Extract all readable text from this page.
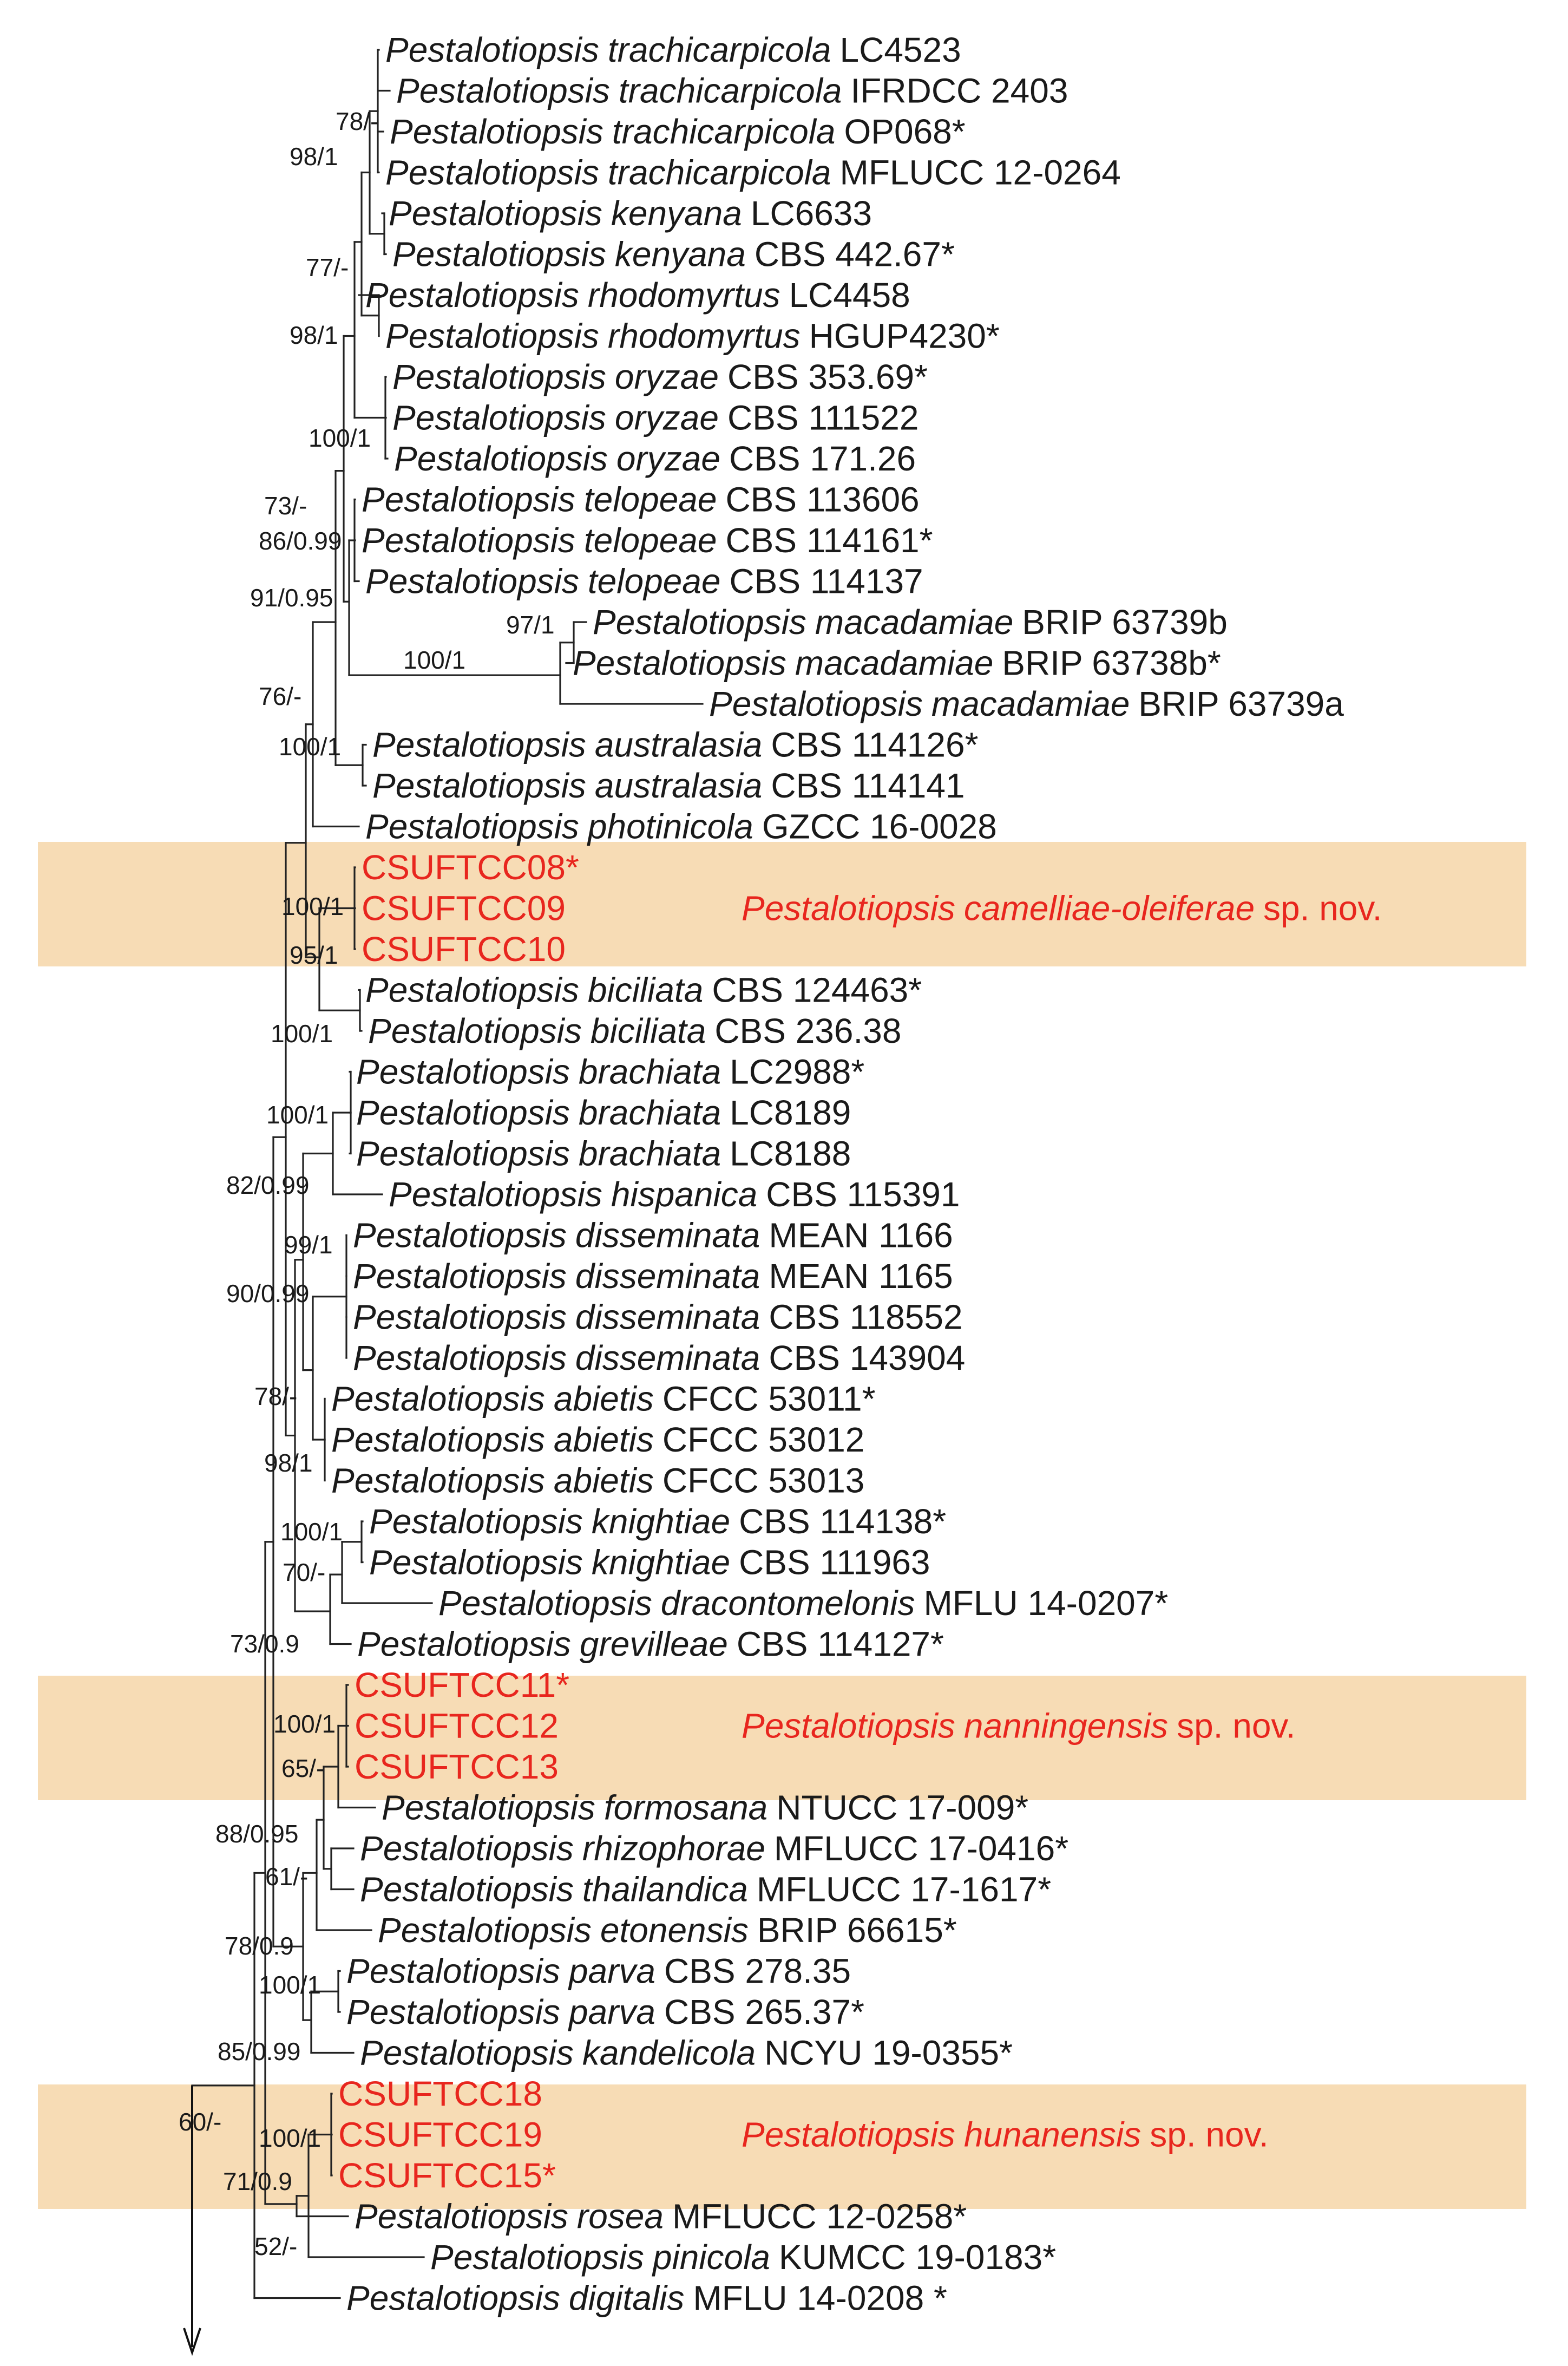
Pestalotiopsis trachicarpicola LC4523
Pestalotiopsis trachicarpicola IFRDCC 2403
Pestalotiopsis trachicarpicola OP068*
Pestalotiopsis trachicarpicola MFLUCC 12-0264
Pestalotiopsis kenyana LC6633
Pestalotiopsis kenyana CBS 442.67*
Pestalotiopsis rhodomyrtus LC4458
Pestalotiopsis rhodomyrtus HGUP4230*
Pestalotiopsis oryzae CBS 353.69*
Pestalotiopsis oryzae CBS 111522
Pestalotiopsis oryzae CBS 171.26
Pestalotiopsis telopeae CBS 113606
Pestalotiopsis telopeae CBS 114161*
Pestalotiopsis telopeae CBS 114137
Pestalotiopsis macadamiae BRIP 63739b
Pestalotiopsis macadamiae BRIP 63738b*
Pestalotiopsis macadamiae BRIP 63739a
Pestalotiopsis australasia CBS 114126*
Pestalotiopsis australasia CBS 114141
Pestalotiopsis photinicola GZCC 16-0028
CSUFTCC08*
CSUFTCC09
CSUFTCC10
Pestalotiopsis biciliata CBS 124463*
Pestalotiopsis biciliata CBS 236.38
Pestalotiopsis brachiata LC2988*
Pestalotiopsis brachiata LC8189
Pestalotiopsis brachiata LC8188
Pestalotiopsis hispanica CBS 115391
Pestalotiopsis disseminata MEAN 1166
Pestalotiopsis disseminata MEAN 1165
Pestalotiopsis disseminata CBS 118552
Pestalotiopsis disseminata CBS 143904
Pestalotiopsis abietis CFCC 53011*
Pestalotiopsis abietis CFCC 53012
Pestalotiopsis abietis CFCC 53013
Pestalotiopsis knightiae CBS 114138*
Pestalotiopsis knightiae CBS 111963
Pestalotiopsis dracontomelonis MFLU 14-0207*
Pestalotiopsis grevilleae CBS 114127*
CSUFTCC11*
CSUFTCC12
CSUFTCC13
Pestalotiopsis formosana NTUCC 17-009*
Pestalotiopsis rhizophorae MFLUCC 17-0416*
Pestalotiopsis thailandica MFLUCC 17-1617*
Pestalotiopsis etonensis BRIP 66615*
Pestalotiopsis parva CBS 278.35
Pestalotiopsis parva CBS 265.37*
Pestalotiopsis kandelicola NCYU 19-0355*
CSUFTCC18
CSUFTCC19
CSUFTCC15*
Pestalotiopsis rosea MFLUCC 12-0258*
Pestalotiopsis pinicola KUMCC 19-0183*
Pestalotiopsis digitalis MFLU 14-0208 *
78/-
98/1
77/-
98/1
100/1
73/-
86/0.99
91/0.95
97/1
100/1
76/-
100/1
100/1
95/1
100/1
100/1
82/0.99
99/1
90/0.99
78/-
98/1
100/1
70/-
73/0.9
100/1
65/-
88/0.95
61/-
78/0.9
100/1
85/0.99
60/-
100/1
71/0.9
52/-
Pestalotiopsis camelliae-oleiferae sp. nov.
Pestalotiopsis nanningensis sp. nov.
Pestalotiopsis hunanensis sp. nov.
